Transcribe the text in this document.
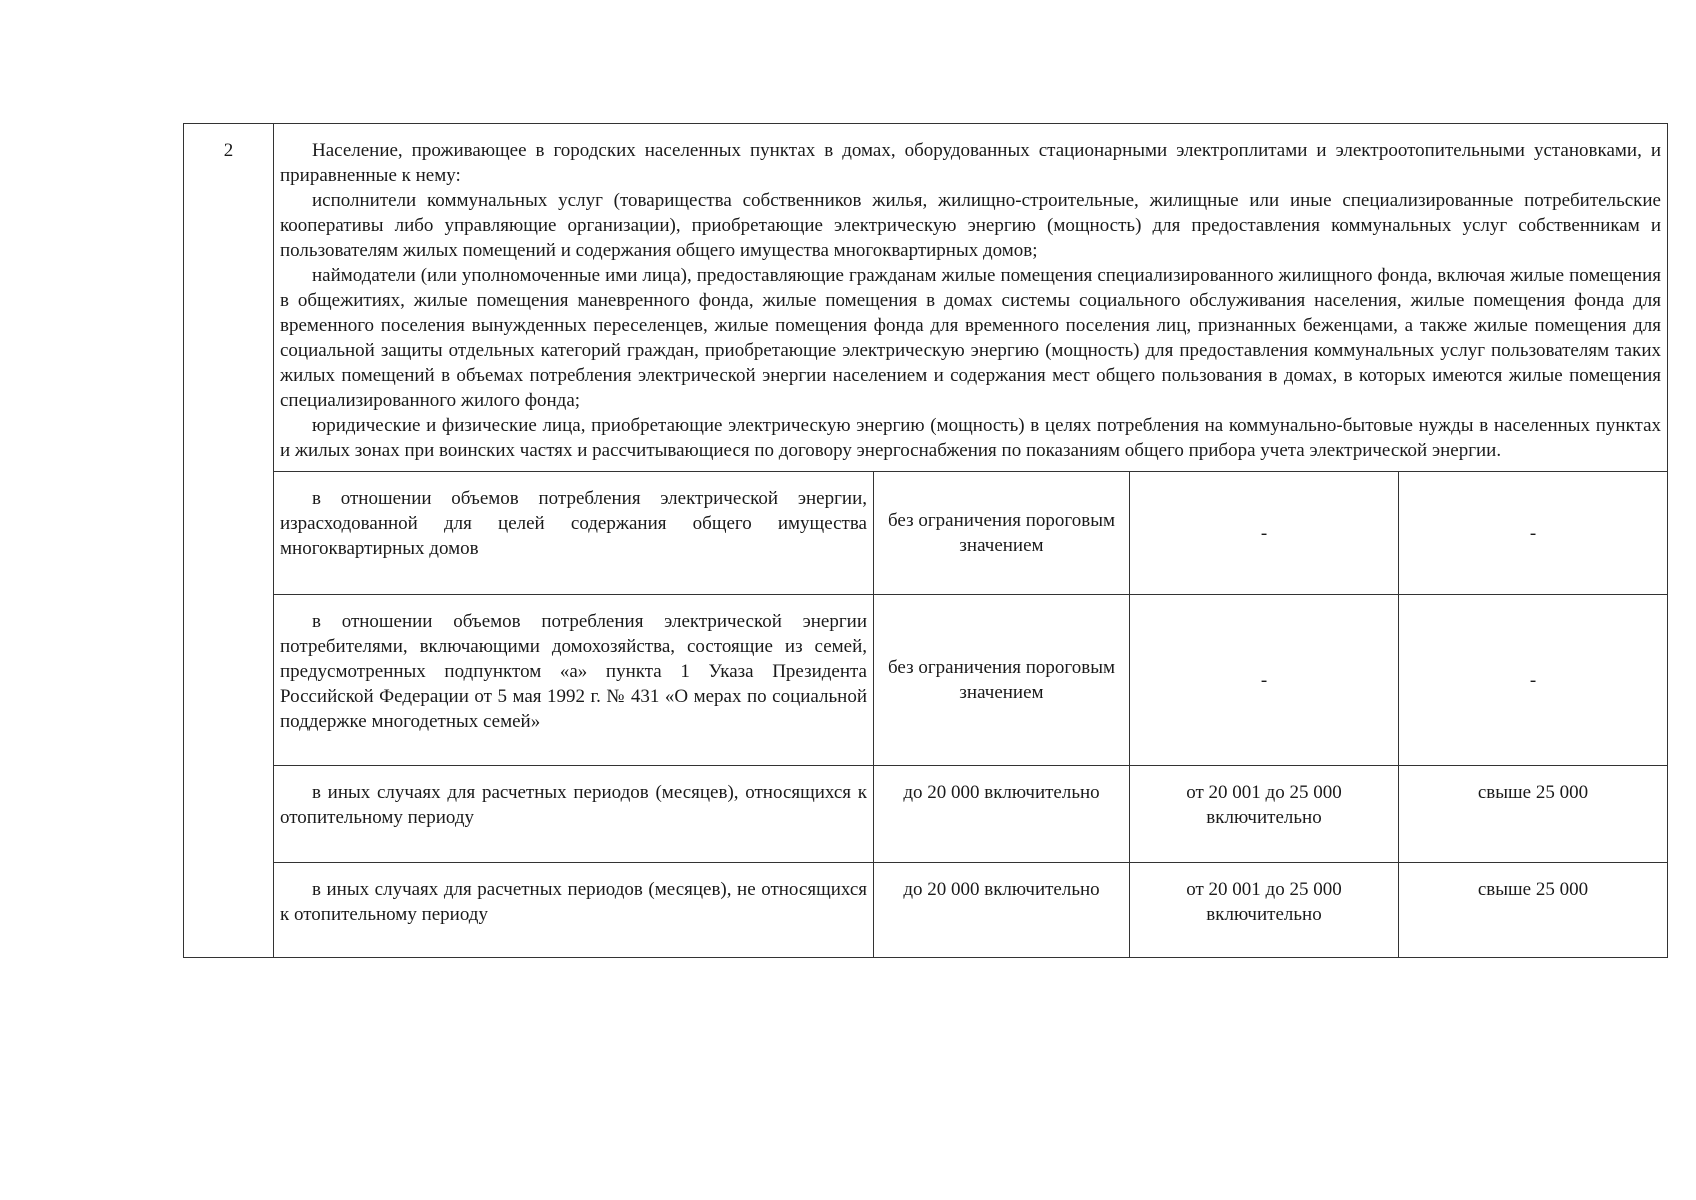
2	Население, проживающее в городских населенных пунктах в домах, оборудованных стационарными электроплитами и электроотопительными установками, и приравненные к нему:

исполнители коммунальных услуг (товарищества собственников жилья, жилищно-строительные, жилищные или иные специализированные потребительские кооперативы либо управляющие организации), приобретающие электрическую энергию (мощность) для предоставления коммунальных услуг собственникам и пользователям жилых помещений и содержания общего имущества многоквартирных домов;

наймодатели (или уполномоченные ими лица), предоставляющие гражданам жилые помещения специализированного жилищного фонда, включая жилые помещения в общежитиях, жилые помещения маневренного фонда, жилые помещения в домах системы социального обслуживания населения, жилые помещения фонда для временного поселения вынужденных переселенцев, жилые помещения фонда для временного поселения лиц, признанных беженцами, а также жилые помещения для социальной защиты отдельных категорий граждан, приобретающие электрическую энергию (мощность) для предоставления коммунальных услуг пользователям таких жилых помещений в объемах потребления электрической энергии населением и содержания мест общего пользования в домах, в которых имеются жилые помещения специализированного жилого фонда;

юридические и физические лица, приобретающие электрическую энергию (мощность) в целях потребления на коммунально-бытовые нужды в населенных пунктах и жилых зонах при воинских частях и рассчитывающиеся по договору энергоснабжения по показаниям общего прибора учета электрической энергии.			

	в отношении объемов потребления электрической энергии, израсходованной для целей содержания общего имущества многоквартирных домов	без ограничения пороговым значением	-	-
	в отношении объемов потребления электрической энергии потребителями, включающими домохозяйства, состоящие из семей, предусмотренных подпунктом «а» пункта 1 Указа Президента Российской Федерации от 5 мая 1992 г. № 431 «О мерах по социальной поддержке многодетных семей»	без ограничения пороговым значением	-	-
	в иных случаях для расчетных периодов (месяцев), относящихся к отопительному периоду	до 20 000 включительно	от 20 001 до 25 000 включительно	свыше 25 000
	в иных случаях для расчетных периодов (месяцев), не относящихся к отопительному периоду	до 20 000 включительно	от 20 001 до 25 000 включительно	свыше 25 000
